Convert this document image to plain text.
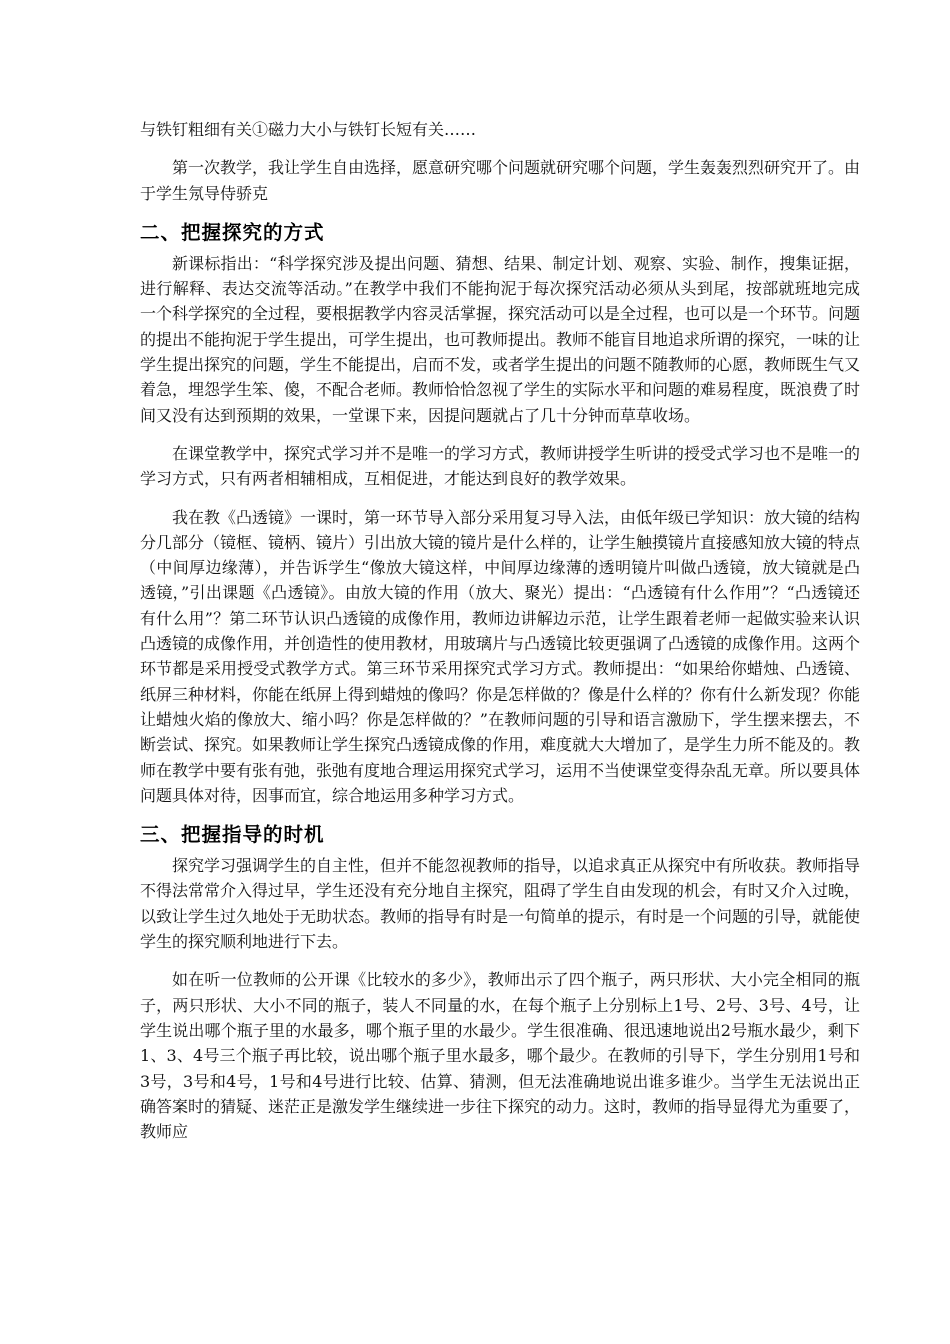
与铁钉粗细有关①磁力大小与铁钉长短有关……

第一次教学，我让学生自由选择，愿意研究哪个问题就研究哪个问题，学生轰轰烈烈研究开了。由于学生氖导侍骄克

二、把握探究的方式

新课标指出：“科学探究涉及提出问题、猜想、结果、制定计划、观察、实验、制作，搜集证据，进行解释、表达交流等活动。”在教学中我们不能拘泥于每次探究活动必须从头到尾，按部就班地完成一个科学探究的全过程，要根据教学内容灵活掌握，探究活动可以是全过程，也可以是一个环节。问题的提出不能拘泥于学生提出，可学生提出，也可教师提出。教师不能盲目地追求所谓的探究，一味的让学生提出探究的问题，学生不能提出，启而不发，或者学生提出的问题不随教师的心愿，教师既生气又着急，埋怨学生笨、傻，不配合老师。教师恰恰忽视了学生的实际水平和问题的难易程度，既浪费了时间又没有达到预期的效果，一堂课下来，因提问题就占了几十分钟而草草收场。

在课堂教学中，探究式学习并不是唯一的学习方式，教师讲授学生听讲的授受式学习也不是唯一的学习方式，只有两者相辅相成，互相促进，才能达到良好的教学效果。

我在教《凸透镜》一课时，第一环节导入部分采用复习导入法，由低年级已学知识：放大镜的结构分几部分（镜框、镜柄、镜片）引出放大镜的镜片是什么样的，让学生触摸镜片直接感知放大镜的特点（中间厚边缘薄），并告诉学生“像放大镜这样，中间厚边缘薄的透明镜片叫做凸透镜，放大镜就是凸透镜，”引出课题《凸透镜》。由放大镜的作用（放大、聚光）提出：“凸透镜有什么作用”？“凸透镜还有什么用”？第二环节认识凸透镜的成像作用，教师边讲解边示范，让学生跟着老师一起做实验来认识凸透镜的成像作用，并创造性的使用教材，用玻璃片与凸透镜比较更强调了凸透镜的成像作用。这两个环节都是采用授受式教学方式。第三环节采用探究式学习方式。教师提出：“如果给你蜡烛、凸透镜、纸屏三种材料，你能在纸屏上得到蜡烛的像吗？你是怎样做的？像是什么样的？你有什么新发现？你能让蜡烛火焰的像放大、缩小吗？你是怎样做的？”在教师问题的引导和语言激励下，学生摆来摆去，不断尝试、探究。如果教师让学生探究凸透镜成像的作用，难度就大大增加了，是学生力所不能及的。教师在教学中要有张有弛，张弛有度地合理运用探究式学习，运用不当使课堂变得杂乱无章。所以要具体问题具体对待，因事而宜，综合地运用多种学习方式。

三、把握指导的时机

探究学习强调学生的自主性，但并不能忽视教师的指导，以追求真正从探究中有所收获。教师指导不得法常常介入得过早，学生还没有充分地自主探究，阻碍了学生自由发现的机会，有时又介入过晚，以致让学生过久地处于无助状态。教师的指导有时是一句简单的提示，有时是一个问题的引导，就能使学生的探究顺利地进行下去。

如在听一位教师的公开课《比较水的多少》，教师出示了四个瓶子，两只形状、大小完全相同的瓶子，两只形状、大小不同的瓶子，装人不同量的水，在每个瓶子上分别标上1号、2号、3号、4号，让学生说出哪个瓶子里的水最多，哪个瓶子里的水最少。学生很准确、很迅速地说出2号瓶水最少，剩下1、3、4号三个瓶子再比较，说出哪个瓶子里水最多，哪个最少。在教师的引导下，学生分别用1号和3号，3号和4号，1号和4号进行比较、估算、猜测，但无法准确地说出谁多谁少。当学生无法说出正确答案时的猜疑、迷茫正是激发学生继续进一步往下探究的动力。这时，教师的指导显得尤为重要了，教师应
